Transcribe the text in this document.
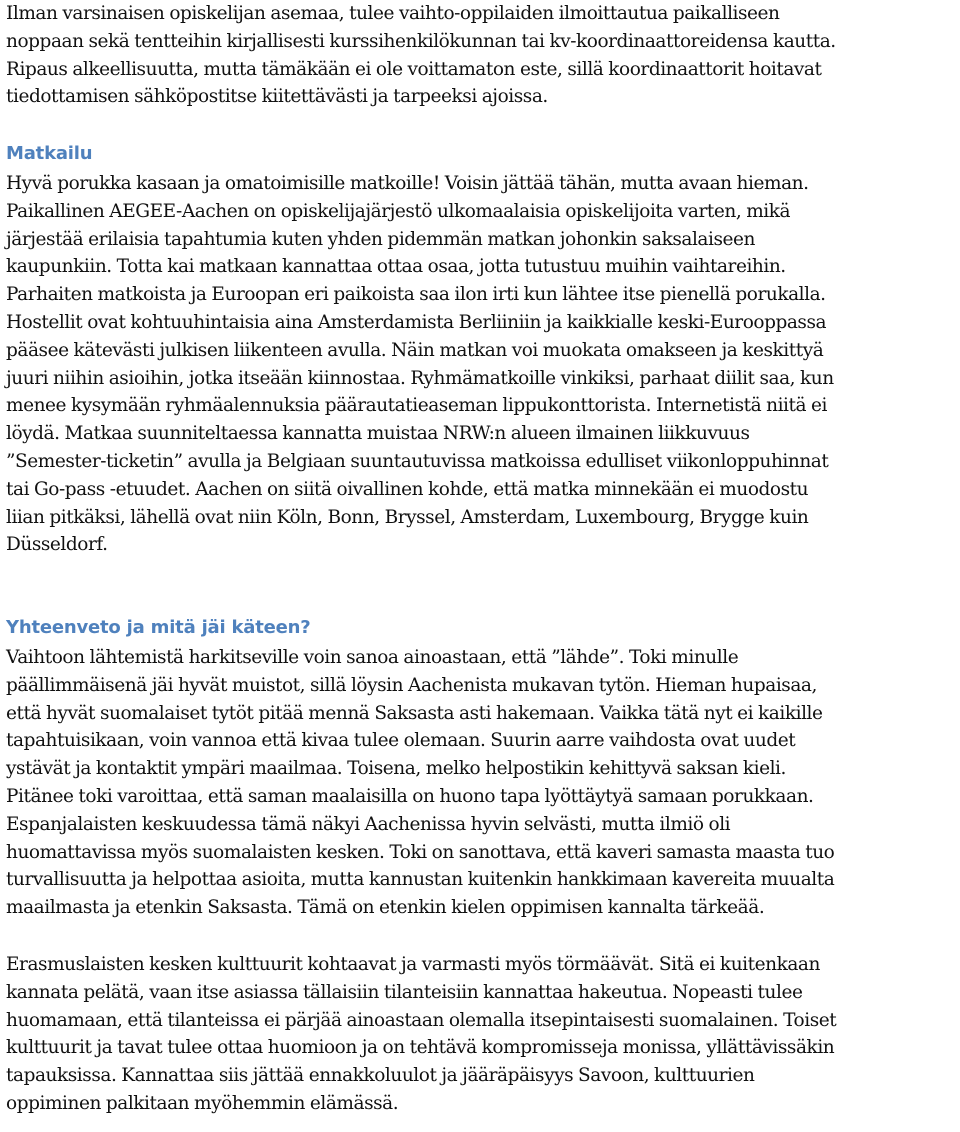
Ilman varsinaisen opiskelijan asemaa, tulee vaihto-oppilaiden ilmoittautua paikalliseen
noppaan sekä tentteihin kirjallisesti kurssihenkilökunnan tai kv-koordinaattoreidensa kautta.
Ripaus alkeellisuutta, mutta tämäkään ei ole voittamaton este, sillä koordinaattorit hoitavat
tiedottamisen sähköpostitse kiitettävästi ja tarpeeksi ajoissa.

Matkailu

Hyvä porukka kasaan ja omatoimisille matkoille! Voisin jättää tähän, mutta avaan hieman.
Paikallinen AEGEE-Aachen on opiskelijajärjestö ulkomaalaisia opiskelijoita varten, mikä
järjestää erilaisia tapahtumia kuten yhden pidemmän matkan johonkin saksalaiseen
kaupunkiin. Totta kai matkaan kannattaa ottaa osaa, jotta tutustuu muihin vaihtareihin.
Parhaiten matkoista ja Euroopan eri paikoista saa ilon irti kun lähtee itse pienellä porukalla.
Hostellit ovat kohtuuhintaisia aina Amsterdamista Berliiniin ja kaikkialle keski-Eurooppassa
pääsee kätevästi julkisen liikenteen avulla. Näin matkan voi muokata omakseen ja keskittyä
juuri niihin asioihin, jotka itseään kiinnostaa. Ryhmämatkoille vinkiksi, parhaat diilit saa, kun
menee kysymään ryhmäalennuksia päärautatieaseman lippukonttorista. Internetistä niitä ei
löydä. Matkaa suunniteltaessa kannatta muistaa NRW:n alueen ilmainen liikkuvuus
”Semester-ticketin” avulla ja Belgiaan suuntautuvissa matkoissa edulliset viikonloppuhinnat
tai Go-pass -etuudet. Aachen on siitä oivallinen kohde, että matka minnekään ei muodostu
liian pitkäksi, lähellä ovat niin Köln, Bonn, Bryssel, Amsterdam, Luxembourg, Brygge kuin
Düsseldorf.

Yhteenveto ja mitä jäi käteen?

Vaihtoon lähtemistä harkitseville voin sanoa ainoastaan, että ”lähde”. Toki minulle
päällimmäisenä jäi hyvät muistot, sillä löysin Aachenista mukavan tytön. Hieman hupaisaa,
että hyvät suomalaiset tytöt pitää mennä Saksasta asti hakemaan. Vaikka tätä nyt ei kaikille
tapahtuisikaan, voin vannoa että kivaa tulee olemaan. Suurin aarre vaihdosta ovat uudet
ystävät ja kontaktit ympäri maailmaa. Toisena, melko helpostikin kehittyvä saksan kieli.
Pitänee toki varoittaa, että saman maalaisilla on huono tapa lyöttäytyä samaan porukkaan.
Espanjalaisten keskuudessa tämä näkyi Aachenissa hyvin selvästi, mutta ilmiö oli
huomattavissa myös suomalaisten kesken. Toki on sanottava, että kaveri samasta maasta tuo
turvallisuutta ja helpottaa asioita, mutta kannustan kuitenkin hankkimaan kavereita muualta
maailmasta ja etenkin Saksasta. Tämä on etenkin kielen oppimisen kannalta tärkeää.

Erasmuslaisten kesken kulttuurit kohtaavat ja varmasti myös törmäävät. Sitä ei kuitenkaan
kannata pelätä, vaan itse asiassa tällaisiin tilanteisiin kannattaa hakeutua. Nopeasti tulee
huomamaan, että tilanteissa ei pärjää ainoastaan olemalla itsepintaisesti suomalainen. Toiset
kulttuurit ja tavat tulee ottaa huomioon ja on tehtävä kompromisseja monissa, yllättävissäkin
tapauksissa. Kannattaa siis jättää ennakkoluulot ja jääräpäisyys Savoon, kulttuurien
oppiminen palkitaan myöhemmin elämässä.
